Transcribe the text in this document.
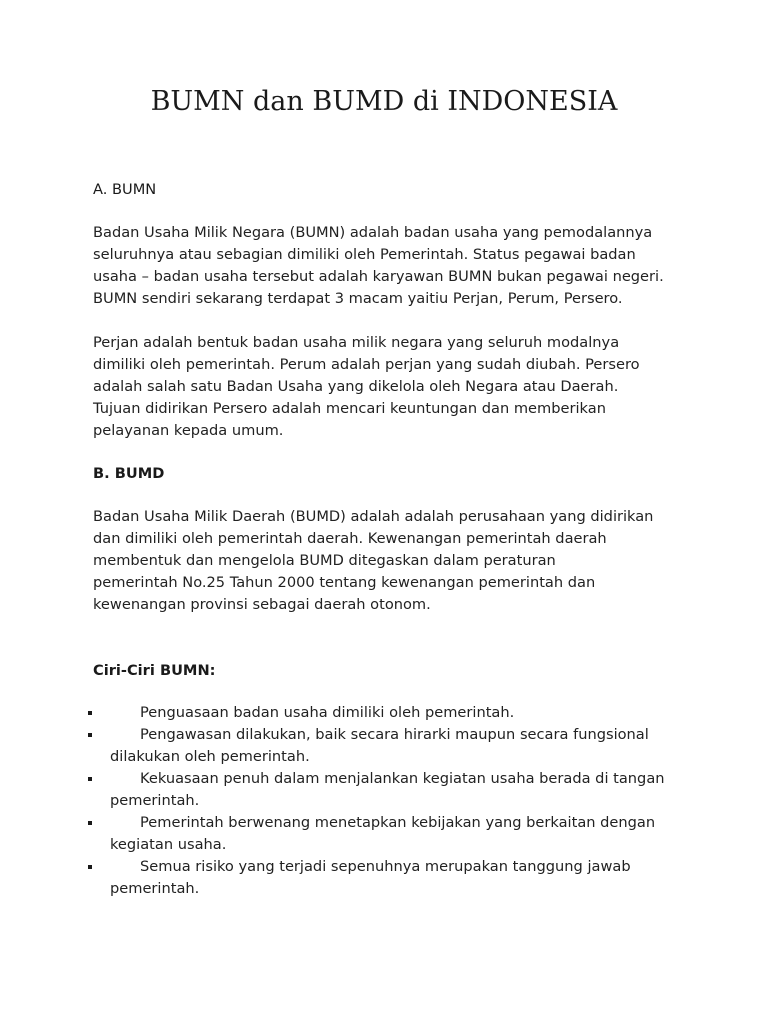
BUMN dan BUMD di INDONESIA
A. BUMN
Badan Usaha Milik Negara (BUMN) adalah badan usaha yang pemodalannya
seluruhnya atau sebagian dimiliki oleh Pemerintah. Status pegawai badan
usaha – badan usaha tersebut adalah karyawan BUMN bukan pegawai negeri.
BUMN sendiri sekarang terdapat 3 macam yaitiu Perjan, Perum, Persero.
Perjan adalah bentuk badan usaha milik negara yang seluruh modalnya
dimiliki oleh pemerintah. Perum adalah perjan yang sudah diubah. Persero
adalah salah satu Badan Usaha yang dikelola oleh Negara atau Daerah.
Tujuan didirikan Persero adalah mencari keuntungan dan memberikan
pelayanan kepada umum.
B. BUMD
Badan Usaha Milik Daerah (BUMD) adalah adalah perusahaan yang didirikan
dan dimiliki oleh pemerintah daerah. Kewenangan pemerintah daerah
membentuk dan mengelola BUMD ditegaskan dalam peraturan
pemerintah No.25 Tahun 2000 tentang kewenangan pemerintah dan
kewenangan provinsi sebagai daerah otonom.
Ciri-Ciri BUMN:
Penguasaan badan usaha dimiliki oleh pemerintah.
Pengawasan dilakukan, baik secara hirarki maupun secara fungsional
dilakukan oleh pemerintah.
Kekuasaan penuh dalam menjalankan kegiatan usaha berada di tangan
pemerintah.
Pemerintah berwenang menetapkan kebijakan yang berkaitan dengan
kegiatan usaha.
Semua risiko yang terjadi sepenuhnya merupakan tanggung jawab
pemerintah.
